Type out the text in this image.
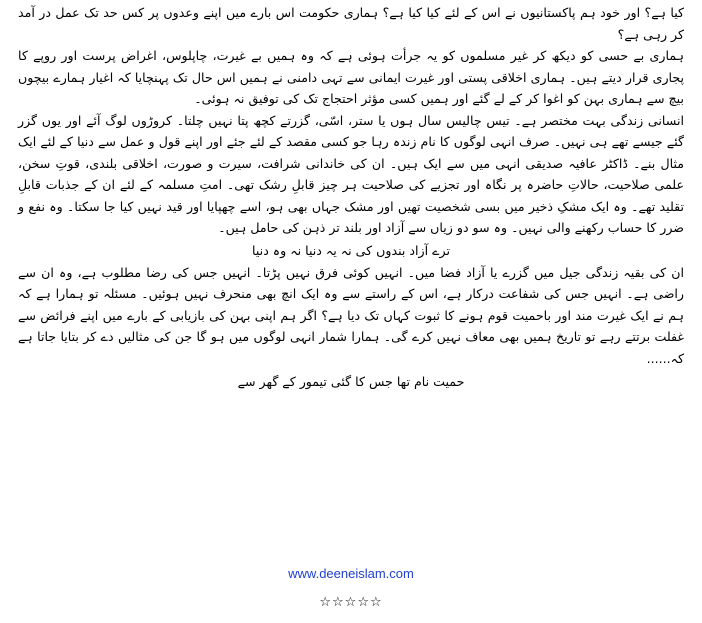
کیا ہے؟ اور خود ہم پاکستانیوں نے اس کے لئے کیا کیا ہے؟ ہماری حکومت اس بارے میں اپنے وعدوں پر کس حد تک عمل در آمد کر رہی ہے؟

ہماری بے حسی کو دیکھ کر غیر مسلموں کو یہ جرأت ہوئی ہے کہ وہ ہمیں بے غیرت، چاپلوس، اغراض پرست اور روپے کا پجاری قرار دیتے ہیں۔ ہماری اخلاقی پستی اور غیرت ایمانی سے تہی دامنی نے ہمیں اس حال تک پہنچایا کہ اغیار ہمارے بیچوں بیچ سے ہماری بہن کو اغوا کر کے لے گئے اور ہمیں کسی مؤثر احتجاج تک کی توفیق نہ ہوئی۔

انسانی زندگی بہت مختصر ہے۔ تیس چالیس سال ہوں یا ستر، اسّی، گزرتے کچھ پتا نہیں چلتا۔ کروڑوں لوگ آئے اور یوں گزر گئے جیسے تھے ہی نہیں۔ صرف انہی لوگوں کا نام زندہ رہا جو کسی مقصد کے لئے جئے اور اپنے قول و عمل سے دنیا کے لئے ایک مثال بنے۔ ڈاکٹر عافیہ صدیقی انہی میں سے ایک ہیں۔ ان کی خاندانی شرافت، سیرت و صورت، اخلاقی بلندی، قوتِ سخن، علمی صلاحیت، حالاتِ حاضرہ پر نگاہ اور تجزیے کی صلاحیت ہر چیز قابلِ رشک تھی۔ امتِ مسلمہ کے لئے ان کے جذبات قابلِ تقلید تھے۔ وہ ایک مشکِ ذخیر میں بسی شخصیت تھیں اور مشک جہاں بھی ہو، اسے چھپایا اور قید نہیں کیا جا سکتا۔ وہ نفع و ضرر کا حساب رکھنے والی نہیں۔ وہ سو دو زیاں سے آزاد اور بلند تر ذہن کی حامل ہیں۔

ترے آزاد بندوں کی نہ یہ دنیا نہ وہ دنیا

ان کی بقیہ زندگی جیل میں گزرے یا آزاد فضا میں۔ انہیں کوئی فرق نہیں پڑتا۔ انہیں جس کی رضا مطلوب ہے، وہ ان سے راضی ہے۔ انہیں جس کی شفاعت درکار ہے، اس کے راستے سے وہ ایک انچ بھی منحرف نہیں ہوئیں۔ مسئلہ تو ہمارا ہے کہ ہم نے ایک غیرت مند اور باحمیت قوم ہونے کا ثبوت کہاں تک دیا ہے؟ اگر ہم اپنی بہن کی بازیابی کے بارے میں اپنے فرائض سے غفلت برتتے رہے تو تاریخ ہمیں بھی معاف نہیں کرے گی۔ ہمارا شمار انہی لوگوں میں ہو گا جن کی مثالیں دے کر بتایا جاتا ہے کہ......

حمیت نام تھا جس کا گئی تیمور کے گھر سے
www.deeneislam.com
☆☆☆☆☆
